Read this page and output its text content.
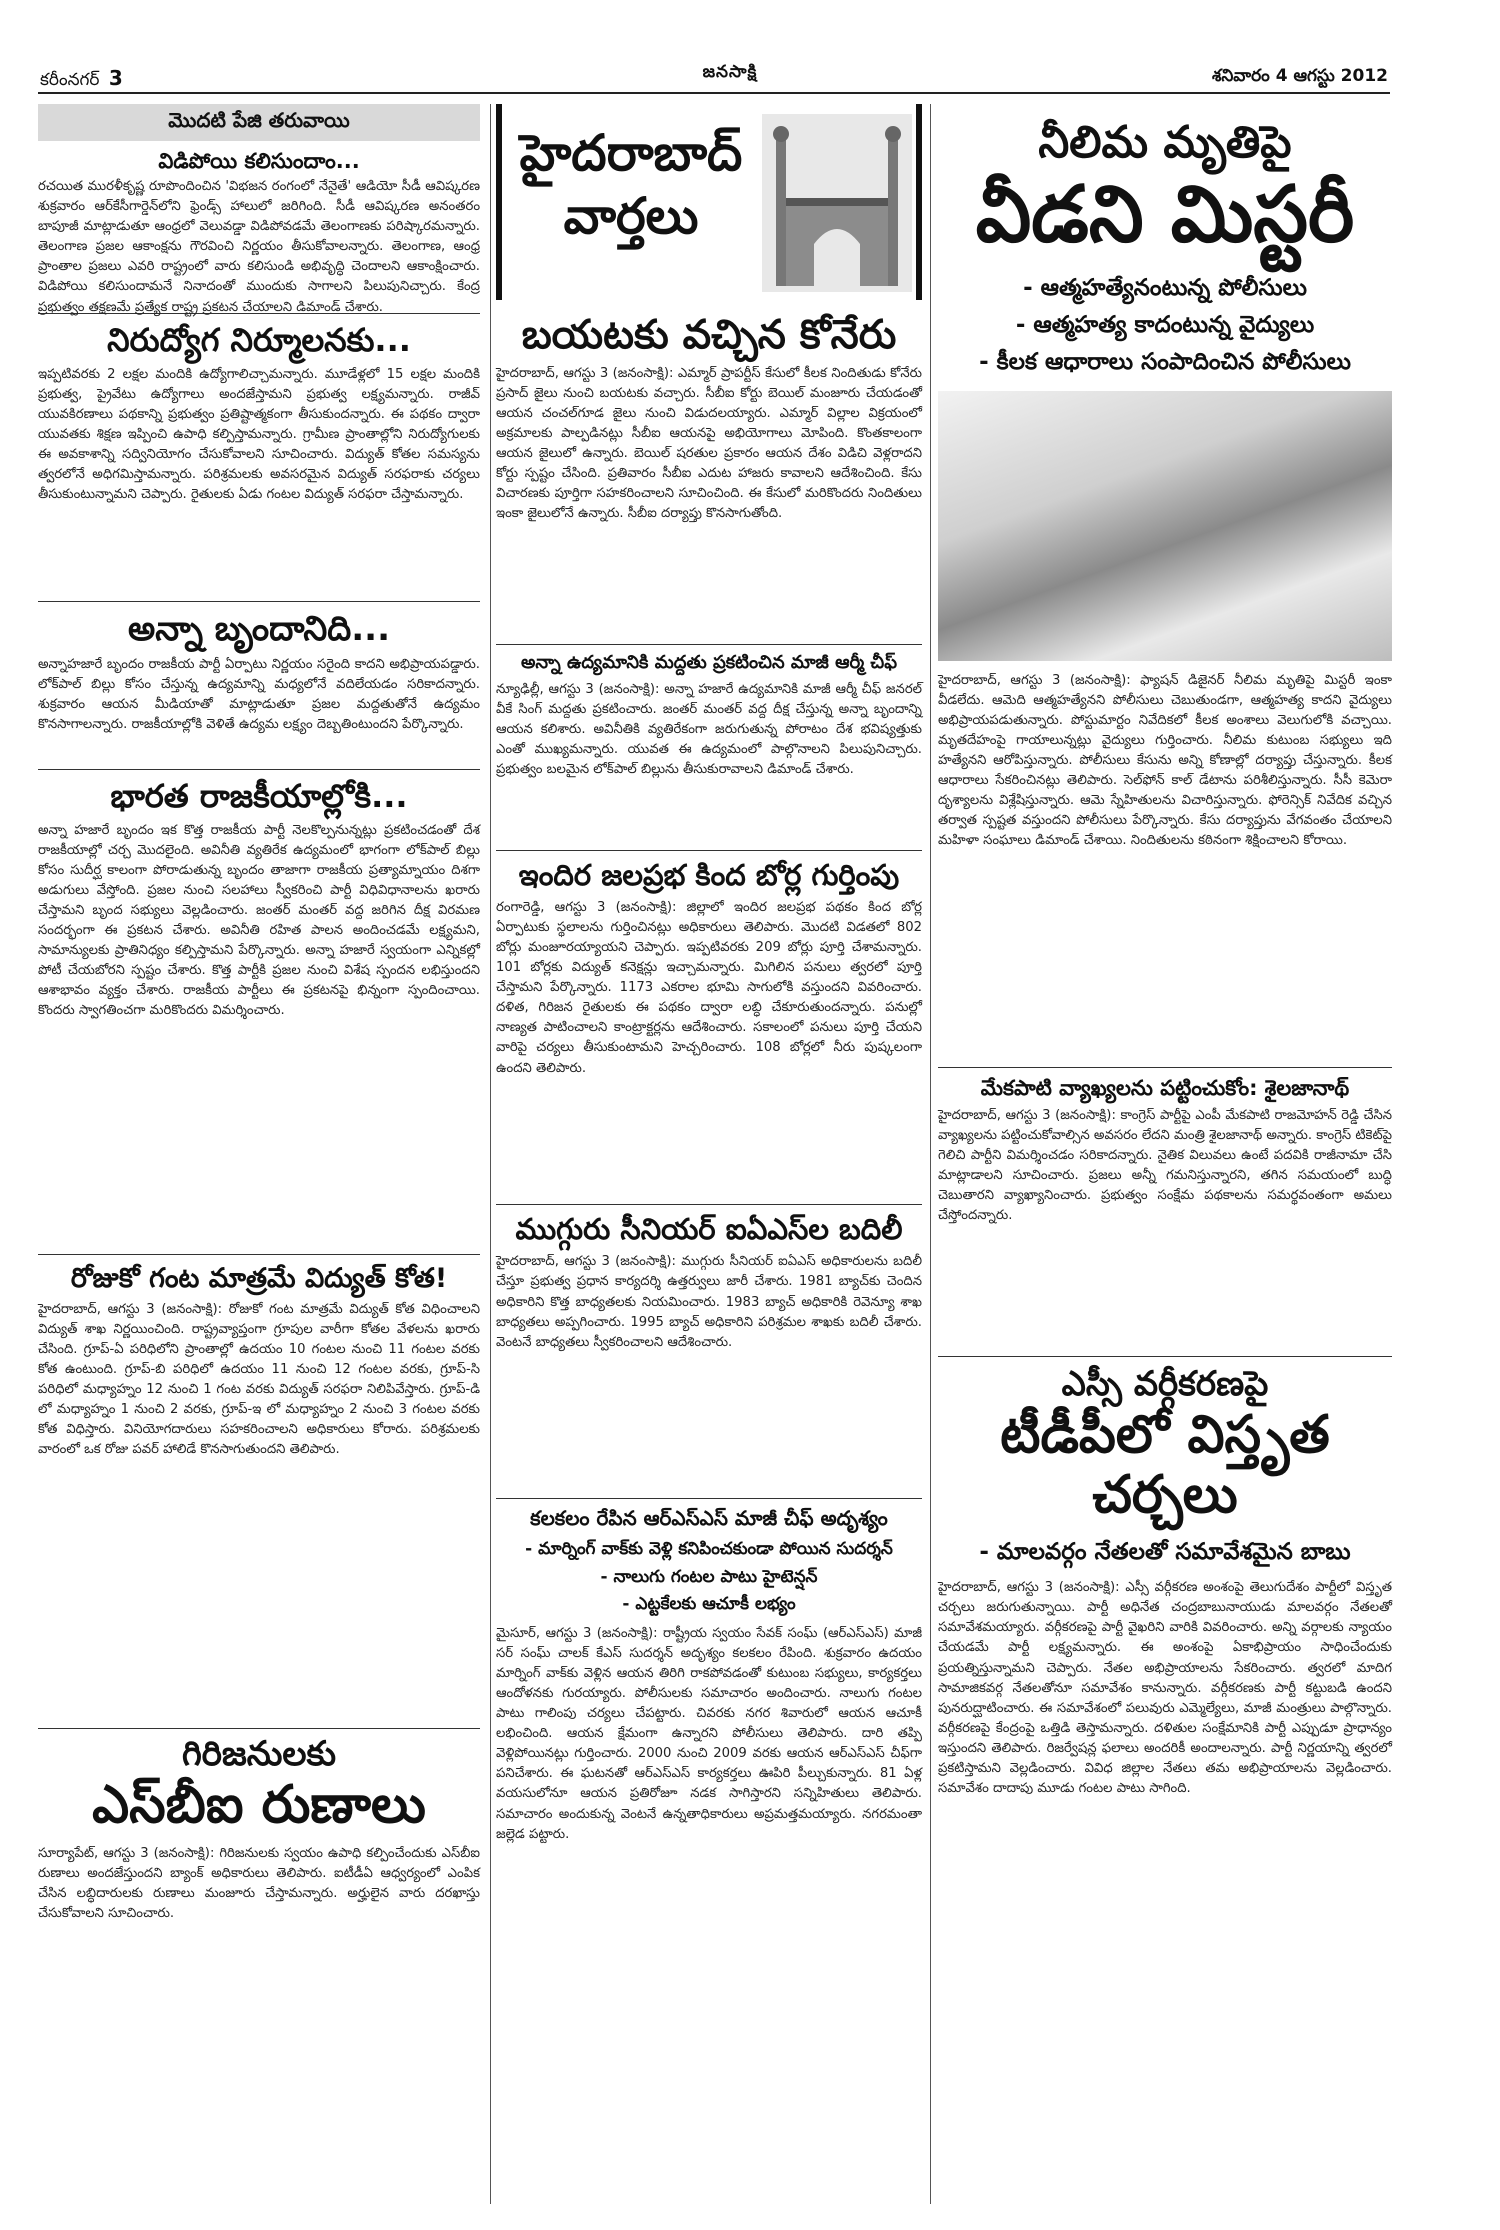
కరీంనగర్ 3	జనసాక్షి	శనివారం 4 ఆగస్టు 2012
మొదటి పేజి తరువాయి
విడిపోయి కలిసుందాం...
రచయిత మురళీకృష్ణ రూపొందించిన 'విభజన రంగంలో నేనైతే' ఆడియో సీడీ ఆవిష్కరణ శుక్రవారం ఆర్‌కేసీగార్డెన్‌లోని ఫ్రెండ్స్ హాలులో జరిగింది. సీడీ ఆవిష్కరణ అనంతరం బాపూజీ మాట్లాడుతూ ఆంధ్రలో వెలువడ్డా విడిపోవడమే తెలంగాణకు పరిష్కారమన్నారు. తెలంగాణ ప్రజల ఆకాంక్షను గౌరవించి నిర్ణయం తీసుకోవాలన్నారు. తెలంగాణ, ఆంధ్ర ప్రాంతాల ప్రజలు ఎవరి రాష్ట్రంలో వారు కలిసుండి అభివృద్ధి చెందాలని ఆకాంక్షించారు. విడిపోయి కలిసుందామనే నినాదంతో ముందుకు సాగాలని పిలుపునిచ్చారు. కేంద్ర ప్రభుత్వం తక్షణమే ప్రత్యేక రాష్ట్ర ప్రకటన చేయాలని డిమాండ్ చేశారు.
నిరుద్యోగ నిర్మూలనకు...
ఇప్పటివరకు 2 లక్షల మందికి ఉద్యోగాలిచ్చామన్నారు. మూడేళ్లలో 15 లక్షల మందికి ప్రభుత్వ, ప్రైవేటు ఉద్యోగాలు అందజేస్తామని ప్రభుత్వ లక్ష్యమన్నారు. రాజీవ్ యువకిరణాలు పథకాన్ని ప్రభుత్వం ప్రతిష్టాత్మకంగా తీసుకుందన్నారు. ఈ పథకం ద్వారా యువతకు శిక్షణ ఇప్పించి ఉపాధి కల్పిస్తామన్నారు. గ్రామీణ ప్రాంతాల్లోని నిరుద్యోగులకు ఈ అవకాశాన్ని సద్వినియోగం చేసుకోవాలని సూచించారు. విద్యుత్ కోతల సమస్యను త్వరలోనే అధిగమిస్తామన్నారు. పరిశ్రమలకు అవసరమైన విద్యుత్ సరఫరాకు చర్యలు తీసుకుంటున్నామని చెప్పారు. రైతులకు ఏడు గంటల విద్యుత్ సరఫరా చేస్తామన్నారు.
అన్నా బృందానిది...
అన్నాహజారే బృందం రాజకీయ పార్టీ ఏర్పాటు నిర్ణయం సరైంది కాదని అభిప్రాయపడ్డారు. లోక్‌పాల్ బిల్లు కోసం చేస్తున్న ఉద్యమాన్ని మధ్యలోనే వదిలేయడం సరికాదన్నారు. శుక్రవారం ఆయన మీడియాతో మాట్లాడుతూ ప్రజల మద్దతుతోనే ఉద్యమం కొనసాగాలన్నారు. రాజకీయాల్లోకి వెళితే ఉద్యమ లక్ష్యం దెబ్బతింటుందని పేర్కొన్నారు.
భారత రాజకీయాల్లోకి...
అన్నా హజారే బృందం ఇక కొత్త రాజకీయ పార్టీ నెలకొల్పనున్నట్లు ప్రకటించడంతో దేశ రాజకీయాల్లో చర్చ మొదలైంది. అవినీతి వ్యతిరేక ఉద్యమంలో భాగంగా లోక్‌పాల్ బిల్లు కోసం సుదీర్ఘ కాలంగా పోరాడుతున్న బృందం తాజాగా రాజకీయ ప్రత్యామ్నాయం దిశగా అడుగులు వేస్తోంది. ప్రజల నుంచి సలహాలు స్వీకరించి పార్టీ విధివిధానాలను ఖరారు చేస్తామని బృంద సభ్యులు వెల్లడించారు. జంతర్ మంతర్ వద్ద జరిగిన దీక్ష విరమణ సందర్భంగా ఈ ప్రకటన చేశారు. అవినీతి రహిత పాలన అందించడమే లక్ష్యమని, సామాన్యులకు ప్రాతినిధ్యం కల్పిస్తామని పేర్కొన్నారు. అన్నా హజారే స్వయంగా ఎన్నికల్లో పోటీ చేయబోరని స్పష్టం చేశారు. కొత్త పార్టీకి ప్రజల నుంచి విశేష స్పందన లభిస్తుందని ఆశాభావం వ్యక్తం చేశారు. రాజకీయ పార్టీలు ఈ ప్రకటనపై భిన్నంగా స్పందించాయి. కొందరు స్వాగతించగా మరికొందరు విమర్శించారు.
రోజుకో గంట మాత్రమే విద్యుత్ కోత!
హైదరాబాద్, ఆగస్టు 3 (జనంసాక్షి): రోజుకో గంట మాత్రమే విద్యుత్ కోత విధించాలని విద్యుత్ శాఖ నిర్ణయించింది. రాష్ట్రవ్యాప్తంగా గ్రూపుల వారీగా కోతల వేళలను ఖరారు చేసింది. గ్రూప్-ఏ పరిధిలోని ప్రాంతాల్లో ఉదయం 10 గంటల నుంచి 11 గంటల వరకు కోత ఉంటుంది. గ్రూప్-బి పరిధిలో ఉదయం 11 నుంచి 12 గంటల వరకు, గ్రూప్-సి పరిధిలో మధ్యాహ్నం 12 నుంచి 1 గంట వరకు విద్యుత్ సరఫరా నిలిపివేస్తారు. గ్రూప్-డి లో మధ్యాహ్నం 1 నుంచి 2 వరకు, గ్రూప్-ఇ లో మధ్యాహ్నం 2 నుంచి 3 గంటల వరకు కోత విధిస్తారు. వినియోగదారులు సహకరించాలని అధికారులు కోరారు. పరిశ్రమలకు వారంలో ఒక రోజు పవర్ హాలిడే కొనసాగుతుందని తెలిపారు.
గిరిజనులకు
ఎస్‌బీఐ రుణాలు
సూర్యాపేట్, ఆగస్టు 3 (జనంసాక్షి): గిరిజనులకు స్వయం ఉపాధి కల్పించేందుకు ఎస్‌బీఐ రుణాలు అందజేస్తుందని బ్యాంక్ అధికారులు తెలిపారు. ఐటీడీఏ ఆధ్వర్యంలో ఎంపిక చేసిన లబ్ధిదారులకు రుణాలు మంజూరు చేస్తామన్నారు. అర్హులైన వారు దరఖాస్తు చేసుకోవాలని సూచించారు.
హైదరాబాద్ వార్తలు
బయటకు వచ్చిన కోనేరు
హైదరాబాద్, ఆగస్టు 3 (జనంసాక్షి): ఎమ్మార్ ప్రాపర్టీస్ కేసులో కీలక నిందితుడు కోనేరు ప్రసాద్ జైలు నుంచి బయటకు వచ్చారు. సీబీఐ కోర్టు బెయిల్ మంజూరు చేయడంతో ఆయన చంచల్‌గూడ జైలు నుంచి విడుదలయ్యారు. ఎమ్మార్ విల్లాల విక్రయంలో అక్రమాలకు పాల్పడినట్లు సీబీఐ ఆయనపై అభియోగాలు మోపింది. కొంతకాలంగా ఆయన జైలులో ఉన్నారు. బెయిల్ షరతుల ప్రకారం ఆయన దేశం విడిచి వెళ్లరాదని కోర్టు స్పష్టం చేసింది. ప్రతివారం సీబీఐ ఎదుట హాజరు కావాలని ఆదేశించింది. కేసు విచారణకు పూర్తిగా సహకరించాలని సూచించింది. ఈ కేసులో మరికొందరు నిందితులు ఇంకా జైలులోనే ఉన్నారు. సీబీఐ దర్యాప్తు కొనసాగుతోంది.
అన్నా ఉద్యమానికి మద్దతు ప్రకటించిన మాజీ ఆర్మీ చీఫ్
న్యూఢిల్లీ, ఆగస్టు 3 (జనంసాక్షి): అన్నా హజారే ఉద్యమానికి మాజీ ఆర్మీ చీఫ్ జనరల్ వీకే సింగ్ మద్దతు ప్రకటించారు. జంతర్ మంతర్ వద్ద దీక్ష చేస్తున్న అన్నా బృందాన్ని ఆయన కలిశారు. అవినీతికి వ్యతిరేకంగా జరుగుతున్న పోరాటం దేశ భవిష్యత్తుకు ఎంతో ముఖ్యమన్నారు. యువత ఈ ఉద్యమంలో పాల్గొనాలని పిలుపునిచ్చారు. ప్రభుత్వం బలమైన లోక్‌పాల్ బిల్లును తీసుకురావాలని డిమాండ్ చేశారు.
ఇందిర జలప్రభ కింద బోర్ల గుర్తింపు
రంగారెడ్డి, ఆగస్టు 3 (జనంసాక్షి): జిల్లాలో ఇందిర జలప్రభ పథకం కింద బోర్ల ఏర్పాటుకు స్థలాలను గుర్తించినట్లు అధికారులు తెలిపారు. మొదటి విడతలో 802 బోర్లు మంజూరయ్యాయని చెప్పారు. ఇప్పటివరకు 209 బోర్లు పూర్తి చేశామన్నారు. 101 బోర్లకు విద్యుత్ కనెక్షన్లు ఇచ్చామన్నారు. మిగిలిన పనులు త్వరలో పూర్తి చేస్తామని పేర్కొన్నారు. 1173 ఎకరాల భూమి సాగులోకి వస్తుందని వివరించారు. దళిత, గిరిజన రైతులకు ఈ పథకం ద్వారా లబ్ధి చేకూరుతుందన్నారు. పనుల్లో నాణ్యత పాటించాలని కాంట్రాక్టర్లను ఆదేశించారు. సకాలంలో పనులు పూర్తి చేయని వారిపై చర్యలు తీసుకుంటామని హెచ్చరించారు. 108 బోర్లలో నీరు పుష్కలంగా ఉందని తెలిపారు.
ముగ్గురు సీనియర్ ఐఏఎస్‌ల బదిలీ
హైదరాబాద్, ఆగస్టు 3 (జనంసాక్షి): ముగ్గురు సీనియర్ ఐఏఎస్ అధికారులను బదిలీ చేస్తూ ప్రభుత్వ ప్రధాన కార్యదర్శి ఉత్తర్వులు జారీ చేశారు. 1981 బ్యాచ్‌కు చెందిన అధికారిని కొత్త బాధ్యతలకు నియమించారు. 1983 బ్యాచ్ అధికారికి రెవెన్యూ శాఖ బాధ్యతలు అప్పగించారు. 1995 బ్యాచ్ అధికారిని పరిశ్రమల శాఖకు బదిలీ చేశారు. వెంటనే బాధ్యతలు స్వీకరించాలని ఆదేశించారు.
కలకలం రేపిన ఆర్ఎస్ఎస్ మాజీ చీఫ్ అదృశ్యం
- మార్నింగ్ వాక్‌కు వెళ్లి కనిపించకుండా పోయిన సుదర్శన్
- నాలుగు గంటల పాటు హైటెన్షన్
- ఎట్టకేలకు ఆచూకీ లభ్యం
మైసూర్, ఆగస్టు 3 (జనంసాక్షి): రాష్ట్రీయ స్వయం సేవక్ సంఘ్ (ఆర్ఎస్ఎస్) మాజీ సర్ సంఘ్ చాలక్ కేఎస్ సుదర్శన్ అదృశ్యం కలకలం రేపింది. శుక్రవారం ఉదయం మార్నింగ్ వాక్‌కు వెళ్లిన ఆయన తిరిగి రాకపోవడంతో కుటుంబ సభ్యులు, కార్యకర్తలు ఆందోళనకు గురయ్యారు. పోలీసులకు సమాచారం అందించారు. నాలుగు గంటల పాటు గాలింపు చర్యలు చేపట్టారు. చివరకు నగర శివారులో ఆయన ఆచూకీ లభించింది. ఆయన క్షేమంగా ఉన్నారని పోలీసులు తెలిపారు. దారి తప్పి వెళ్లిపోయినట్లు గుర్తించారు. 2000 నుంచి 2009 వరకు ఆయన ఆర్ఎస్ఎస్ చీఫ్‌గా పనిచేశారు. ఈ ఘటనతో ఆర్ఎస్ఎస్ కార్యకర్తలు ఊపిరి పీల్చుకున్నారు. 81 ఏళ్ల వయసులోనూ ఆయన ప్రతిరోజూ నడక సాగిస్తారని సన్నిహితులు తెలిపారు. సమాచారం అందుకున్న వెంటనే ఉన్నతాధికారులు అప్రమత్తమయ్యారు. నగరమంతా జల్లెడ పట్టారు.
నీలిమ మృతిపై
వీడని మిస్టరీ
- ఆత్మహత్యేనంటున్న పోలీసులు
- ఆత్మహత్య కాదంటున్న వైద్యులు
- కీలక ఆధారాలు సంపాదించిన పోలీసులు
హైదరాబాద్, ఆగస్టు 3 (జనంసాక్షి): ఫ్యాషన్ డిజైనర్ నీలిమ మృతిపై మిస్టరీ ఇంకా వీడలేదు. ఆమెది ఆత్మహత్యేనని పోలీసులు చెబుతుండగా, ఆత్మహత్య కాదని వైద్యులు అభిప్రాయపడుతున్నారు. పోస్టుమార్టం నివేదికలో కీలక అంశాలు వెలుగులోకి వచ్చాయి. మృతదేహంపై గాయాలున్నట్లు వైద్యులు గుర్తించారు. నీలిమ కుటుంబ సభ్యులు ఇది హత్యేనని ఆరోపిస్తున్నారు. పోలీసులు కేసును అన్ని కోణాల్లో దర్యాప్తు చేస్తున్నారు. కీలక ఆధారాలు సేకరించినట్లు తెలిపారు. సెల్‌ఫోన్ కాల్ డేటాను పరిశీలిస్తున్నారు. సీసీ కెమెరా దృశ్యాలను విశ్లేషిస్తున్నారు. ఆమె స్నేహితులను విచారిస్తున్నారు. ఫోరెన్సిక్ నివేదిక వచ్చిన తర్వాత స్పష్టత వస్తుందని పోలీసులు పేర్కొన్నారు. కేసు దర్యాప్తును వేగవంతం చేయాలని మహిళా సంఘాలు డిమాండ్ చేశాయి. నిందితులను కఠినంగా శిక్షించాలని కోరాయి.
మేకపాటి వ్యాఖ్యలను పట్టించుకోం: శైలజానాథ్
హైదరాబాద్, ఆగస్టు 3 (జనంసాక్షి): కాంగ్రెస్ పార్టీపై ఎంపీ మేకపాటి రాజమోహన్ రెడ్డి చేసిన వ్యాఖ్యలను పట్టించుకోవాల్సిన అవసరం లేదని మంత్రి శైలజానాథ్ అన్నారు. కాంగ్రెస్ టికెట్‌పై గెలిచి పార్టీని విమర్శించడం సరికాదన్నారు. నైతిక విలువలు ఉంటే పదవికి రాజీనామా చేసి మాట్లాడాలని సూచించారు. ప్రజలు అన్నీ గమనిస్తున్నారని, తగిన సమయంలో బుద్ధి చెబుతారని వ్యాఖ్యానించారు. ప్రభుత్వం సంక్షేమ పథకాలను సమర్థవంతంగా అమలు చేస్తోందన్నారు.
ఎస్సీ వర్గీకరణపై
టీడీపీలో విస్తృత చర్చలు
- మాలవర్గం నేతలతో సమావేశమైన బాబు
హైదరాబాద్, ఆగస్టు 3 (జనంసాక్షి): ఎస్సీ వర్గీకరణ అంశంపై తెలుగుదేశం పార్టీలో విస్తృత చర్చలు జరుగుతున్నాయి. పార్టీ అధినేత చంద్రబాబునాయుడు మాలవర్గం నేతలతో సమావేశమయ్యారు. వర్గీకరణపై పార్టీ వైఖరిని వారికి వివరించారు. అన్ని వర్గాలకు న్యాయం చేయడమే పార్టీ లక్ష్యమన్నారు. ఈ అంశంపై ఏకాభిప్రాయం సాధించేందుకు ప్రయత్నిస్తున్నామని చెప్పారు. నేతల అభిప్రాయాలను సేకరించారు. త్వరలో మాదిగ సామాజికవర్గ నేతలతోనూ సమావేశం కానున్నారు. వర్గీకరణకు పార్టీ కట్టుబడి ఉందని పునరుద్ఘాటించారు. ఈ సమావేశంలో పలువురు ఎమ్మెల్యేలు, మాజీ మంత్రులు పాల్గొన్నారు. వర్గీకరణపై కేంద్రంపై ఒత్తిడి తెస్తామన్నారు. దళితుల సంక్షేమానికి పార్టీ ఎప్పుడూ ప్రాధాన్యం ఇస్తుందని తెలిపారు. రిజర్వేషన్ల ఫలాలు అందరికీ అందాలన్నారు. పార్టీ నిర్ణయాన్ని త్వరలో ప్రకటిస్తామని వెల్లడించారు. వివిధ జిల్లాల నేతలు తమ అభిప్రాయాలను వెల్లడించారు. సమావేశం దాదాపు మూడు గంటల పాటు సాగింది.
